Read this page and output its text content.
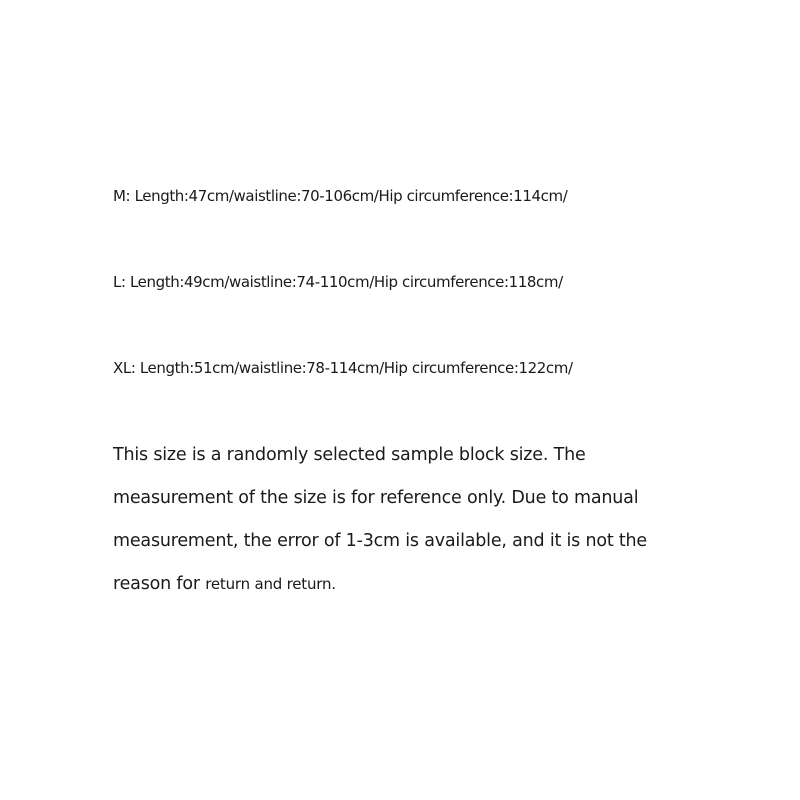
M: Length:47cm/waistline:70-106cm/Hip circumference:114cm/
L: Length:49cm/waistline:74-110cm/Hip circumference:118cm/
XL: Length:51cm/waistline:78-114cm/Hip circumference:122cm/
This size is a randomly selected sample block size. The
measurement of the size is for reference only. Due to manual
measurement, the error of 1-3cm is available, and it is not the
reason for return and return.
